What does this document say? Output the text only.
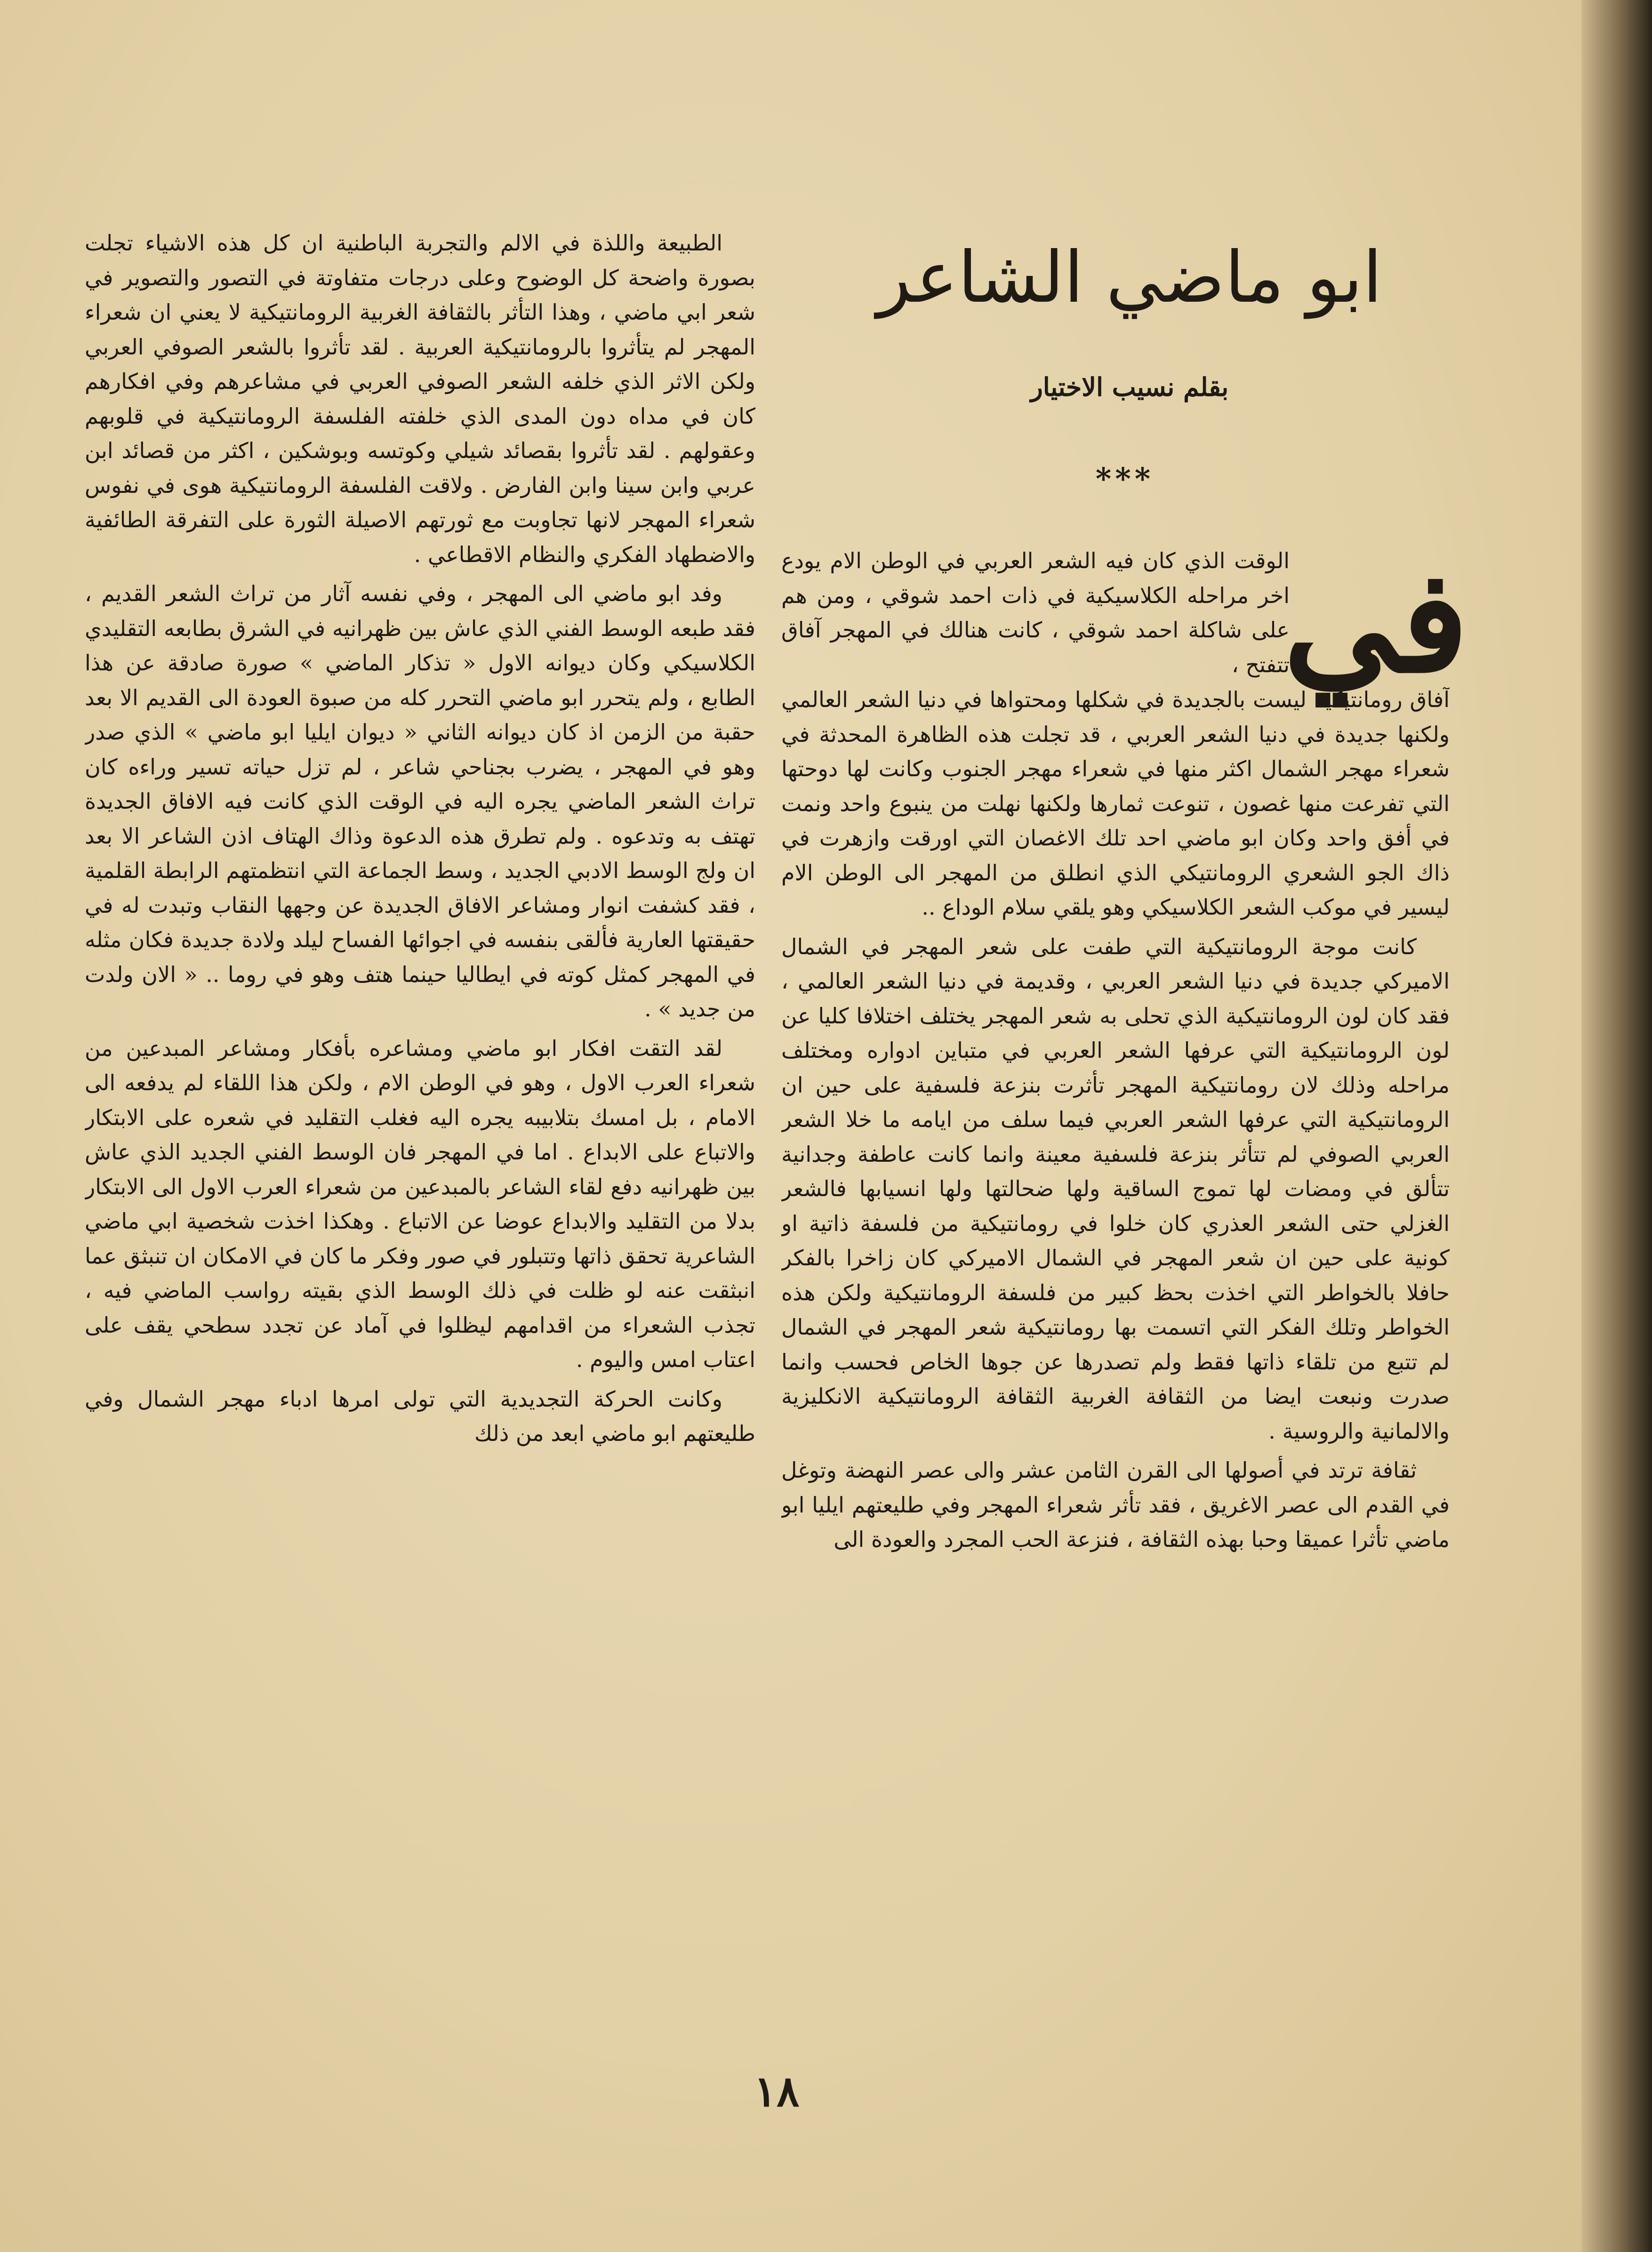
الطبيعة واللذة في الالم والتجربة الباطنية ان كل هذه الاشياء تجلت بصورة واضحة كل الوضوح وعلى درجات متفاوتة في التصور والتصوير في شعر ابي ماضي ، وهذا التأثر بالثقافة الغربية الرومانتيكية لا يعني ان شعراء المهجر لم يتأثروا بالرومانتيكية العربية . لقد تأثروا بالشعر الصوفي العربي ولكن الاثر الذي خلفه الشعر الصوفي العربي في مشاعرهم وفي افكارهم كان في مداه دون المدى الذي خلفته الفلسفة الرومانتيكية في قلوبهم وعقولهم . لقد تأثروا بقصائد شيلي وكوتسه وبوشكين ، اكثر من قصائد ابن عربي وابن سينا وابن الفارض . ولاقت الفلسفة الرومانتيكية هوى في نفوس شعراء المهجر لانها تجاوبت مع ثورتهم الاصيلة الثورة على التفرقة الطائفية والاضطهاد الفكري والنظام الاقطاعي .

وفد ابو ماضي الى المهجر ، وفي نفسه آثار من تراث الشعر القديم ، فقد طبعه الوسط الفني الذي عاش بين ظهرانيه في الشرق بطابعه التقليدي الكلاسيكي وكان ديوانه الاول « تذكار الماضي » صورة صادقة عن هذا الطابع ، ولم يتحرر ابو ماضي التحرر كله من صبوة العودة الى القديم الا بعد حقبة من الزمن اذ كان ديوانه الثاني « ديوان ايليا ابو ماضي » الذي صدر وهو في المهجر ، يضرب بجناحي شاعر ، لم تزل حياته تسير وراءه كان تراث الشعر الماضي يجره اليه في الوقت الذي كانت فيه الافاق الجديدة تهتف به وتدعوه . ولم تطرق هذه الدعوة وذاك الهتاف اذن الشاعر الا بعد ان ولج الوسط الادبي الجديد ، وسط الجماعة التي انتظمتهم الرابطة القلمية ، فقد كشفت انوار ومشاعر الافاق الجديدة عن وجهها النقاب وتبدت له في حقيقتها العارية فألقى بنفسه في اجوائها الفساح ليلد ولادة جديدة فكان مثله في المهجر كمثل كوته في ايطاليا حينما هتف وهو في روما .. « الان ولدت من جديد » .

لقد التقت افكار ابو ماضي ومشاعره بأفكار ومشاعر المبدعين من شعراء العرب الاول ، وهو في الوطن الام ، ولكن هذا اللقاء لم يدفعه الى الامام ، بل امسك بتلابيبه يجره اليه فغلب التقليد في شعره على الابتكار والاتباع على الابداع . اما في المهجر فان الوسط الفني الجديد الذي عاش بين ظهرانيه دفع لقاء الشاعر بالمبدعين من شعراء العرب الاول الى الابتكار بدلا من التقليد والابداع عوضا عن الاتباع . وهكذا اخذت شخصية ابي ماضي الشاعرية تحقق ذاتها وتتبلور في صور وفكر ما كان في الامكان ان تنبثق عما انبثقت عنه لو ظلت في ذلك الوسط الذي بقيته رواسب الماضي فيه ، تجذب الشعراء من اقدامهم ليظلوا في آماد عن تجدد سطحي يقف على اعتاب امس واليوم .

وكانت الحركة التجديدية التي تولى امرها ادباء مهجر الشمال وفي طليعتهم ابو ماضي ابعد من ذلك

ابو ماضي الشاعر
بقلم نسيب الاختيار
***
في
الوقت الذي كان فيه الشعر العربي في الوطن الام يودع اخر مراحله الكلاسيكية في ذات احمد شوقي ، ومن هم على شاكلة احمد شوقي ، كانت هنالك في المهجر آفاق تتفتح ،

آفاق رومانتيكية ليست بالجديدة في شكلها ومحتواها في دنيا الشعر العالمي ولكنها جديدة في دنيا الشعر العربي ، قد تجلت هذه الظاهرة المحدثة في شعراء مهجر الشمال اكثر منها في شعراء مهجر الجنوب وكانت لها دوحتها التي تفرعت منها غصون ، تنوعت ثمارها ولكنها نهلت من ينبوع واحد ونمت في أفق واحد وكان ابو ماضي احد تلك الاغصان التي اورقت وازهرت في ذاك الجو الشعري الرومانتيكي الذي انطلق من المهجر الى الوطن الام ليسير في موكب الشعر الكلاسيكي وهو يلقي سلام الوداع ..

كانت موجة الرومانتيكية التي طفت على شعر المهجر في الشمال الاميركي جديدة في دنيا الشعر العربي ، وقديمة في دنيا الشعر العالمي ، فقد كان لون الرومانتيكية الذي تحلى به شعر المهجر يختلف اختلافا كليا عن لون الرومانتيكية التي عرفها الشعر العربي في متباين ادواره ومختلف مراحله وذلك لان رومانتيكية المهجر تأثرت بنزعة فلسفية على حين ان الرومانتيكية التي عرفها الشعر العربي فيما سلف من ايامه ما خلا الشعر العربي الصوفي لم تتأثر بنزعة فلسفية معينة وانما كانت عاطفة وجدانية تتألق في ومضات لها تموج الساقية ولها ضحالتها ولها انسيابها فالشعر الغزلي حتى الشعر العذري كان خلوا في رومانتيكية من فلسفة ذاتية او كونية على حين ان شعر المهجر في الشمال الاميركي كان زاخرا بالفكر حافلا بالخواطر التي اخذت بحظ كبير من فلسفة الرومانتيكية ولكن هذه الخواطر وتلك الفكر التي اتسمت بها رومانتيكية شعر المهجر في الشمال لم تتبع من تلقاء ذاتها فقط ولم تصدرها عن جوها الخاص فحسب وانما صدرت ونبعت ايضا من الثقافة الغربية الثقافة الرومانتيكية الانكليزية والالمانية والروسية .

ثقافة ترتد في أصولها الى القرن الثامن عشر والى عصر النهضة وتوغل في القدم الى عصر الاغريق ، فقد تأثر شعراء المهجر وفي طليعتهم ايليا ابو ماضي تأثرا عميقا وحبا بهذه الثقافة ، فنزعة الحب المجرد والعودة الى

١٨
